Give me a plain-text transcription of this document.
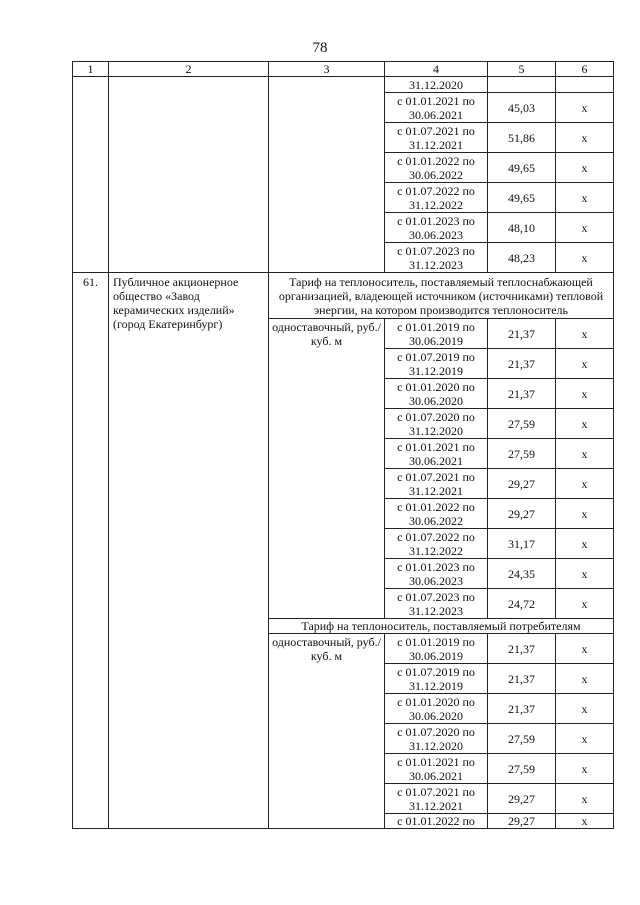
78
1	2	3	4	5	6
			31.12.2020		
			с 01.01.2021 по 30.06.2021	45,03	х
			с 01.07.2021 по 31.12.2021	51,86	х
			с 01.01.2022 по 30.06.2022	49,65	х
			с 01.07.2022 по 31.12.2022	49,65	х
			с 01.01.2023 по 30.06.2023	48,10	х
			с 01.07.2023 по 31.12.2023	48,23	х
61.	Публичное акционерное общество «Завод керамических изделий» (город Екатеринбург)	Тариф на теплоноситель, поставляемый теплоснабжающей организацией, владеющей источником (источниками) тепловой энергии, на котором производится теплоноситель			
		одноставочный, руб./куб. м	с 01.01.2019 по 30.06.2019	21,37	х
			с 01.07.2019 по 31.12.2019	21,37	х
			с 01.01.2020 по 30.06.2020	21,37	х
			с 01.07.2020 по 31.12.2020	27,59	х
			с 01.01.2021 по 30.06.2021	27,59	х
			с 01.07.2021 по 31.12.2021	29,27	х
			с 01.01.2022 по 30.06.2022	29,27	х
			с 01.07.2022 по 31.12.2022	31,17	х
			с 01.01.2023 по 30.06.2023	24,35	х
			с 01.07.2023 по 31.12.2023	24,72	х
		Тариф на теплоноситель, поставляемый потребителям			
		одноставочный, руб./куб. м	с 01.01.2019 по 30.06.2019	21,37	х
			с 01.07.2019 по 31.12.2019	21,37	х
			с 01.01.2020 по 30.06.2020	21,37	х
			с 01.07.2020 по 31.12.2020	27,59	х
			с 01.01.2021 по 30.06.2021	27,59	х
			с 01.07.2021 по 31.12.2021	29,27	х
			с 01.01.2022 по	29,27	х
